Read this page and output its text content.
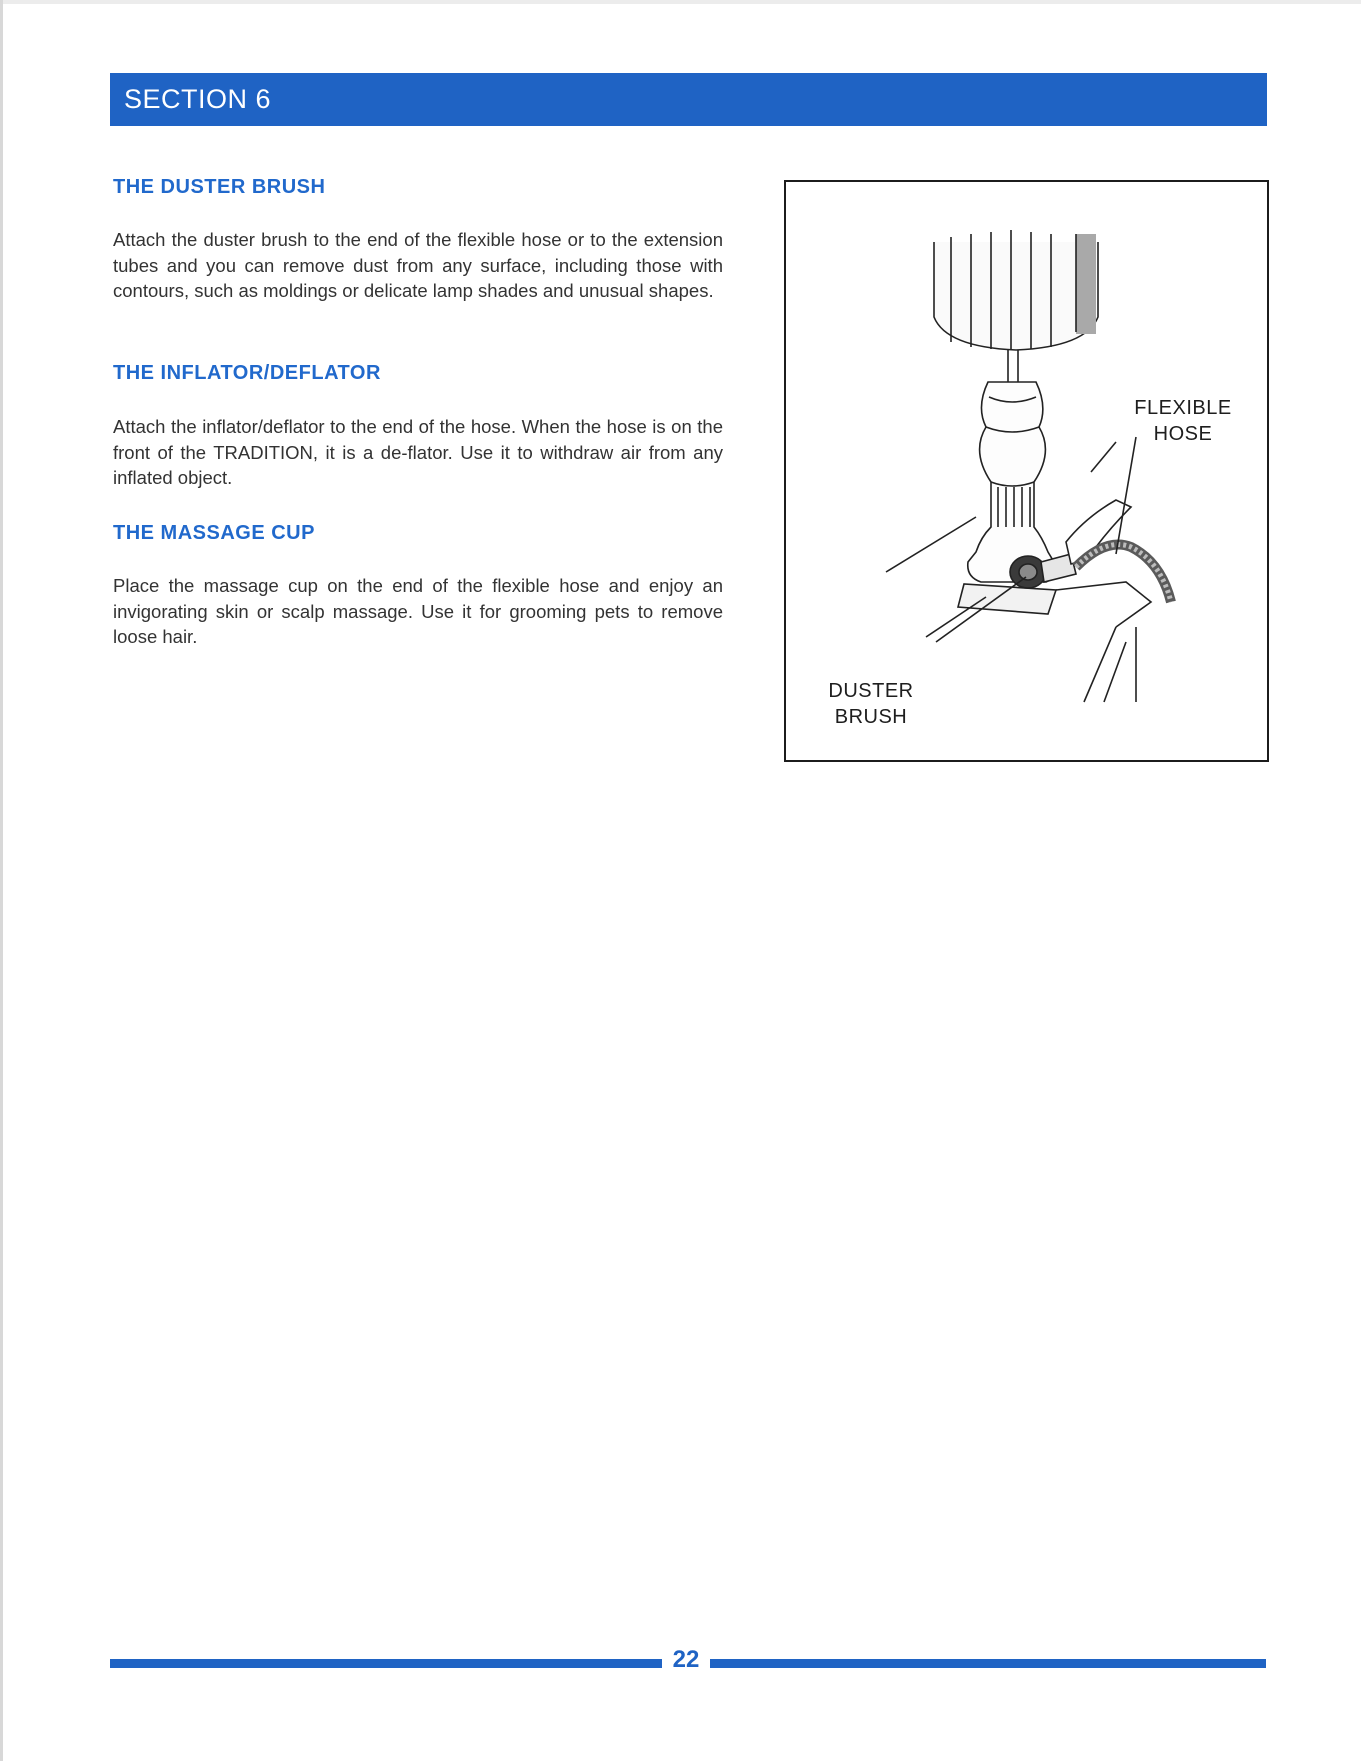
SECTION 6
THE DUSTER BRUSH

Attach the duster brush to the end of the flexible hose or to the extension tubes and you can remove dust from any surface, including those with contours, such as moldings or delicate lamp shades and unusual shapes.

THE INFLATOR/DEFLATOR

Attach the inflator/deflator to the end of the hose. When the hose is on the front of the TRADITION, it is a de-flator. Use it to withdraw air from any inflated object.

THE MASSAGE CUP

Place the massage cup on the end of the flexible hose and enjoy an invigorating skin or scalp massage. Use it for grooming pets to remove loose hair.

FLEXIBLE
HOSE
DUSTER
BRUSH
22
